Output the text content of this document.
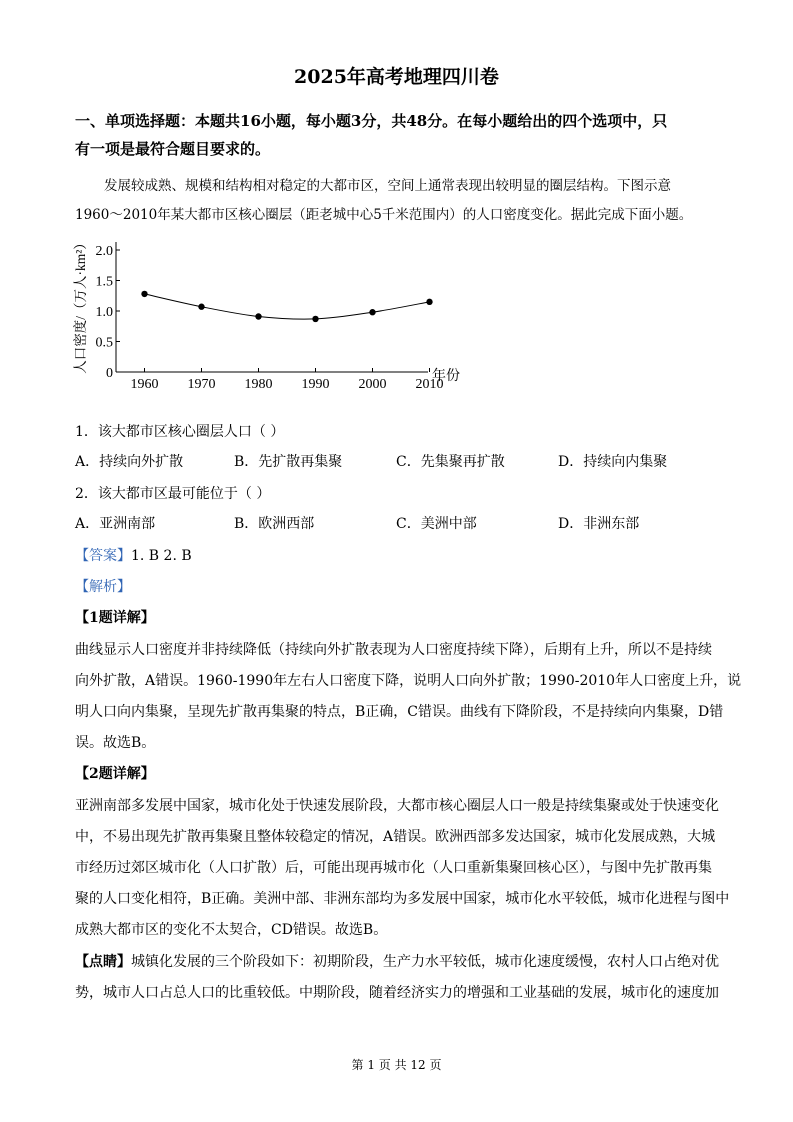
2025年高考地理四川卷
一、单项选择题：本题共16小题，每小题3分，共48分。在每小题给出的四个选项中，只
有一项是最符合题目要求的。
发展较成熟、规模和结构相对稳定的大都市区，空间上通常表现出较明显的圈层结构。下图示意
1960～2010年某大都市区核心圈层（距老城中心5千米范围内）的人口密度变化。据此完成下面小题。
0
0.5
1.0
1.5
2.0
1960 1970 1980 1990 2000 2010
年份
人口密度/（万人·km²）
1．该大都市区核心圈层人口（ ）
A．持续向外扩散	B．先扩散再集聚	C．先集聚再扩散	D．持续向内集聚
2．该大都市区最可能位于（ ）
A．亚洲南部	B．欧洲西部	C．美洲中部	D．非洲东部
【答案】1. B 2. B
【解析】
【1题详解】
曲线显示人口密度并非持续降低（持续向外扩散表现为人口密度持续下降），后期有上升，所以不是持续
向外扩散，A错误。1960-1990年左右人口密度下降，说明人口向外扩散；1990-2010年人口密度上升，说
明人口向内集聚，呈现先扩散再集聚的特点，B正确，C错误。曲线有下降阶段，不是持续向内集聚，D错
误。故选B。
【2题详解】
亚洲南部多发展中国家，城市化处于快速发展阶段，大都市核心圈层人口一般是持续集聚或处于快速变化
中，不易出现先扩散再集聚且整体较稳定的情况，A错误。欧洲西部多发达国家，城市化发展成熟，大城
市经历过郊区城市化（人口扩散）后，可能出现再城市化（人口重新集聚回核心区），与图中先扩散再集
聚的人口变化相符，B正确。美洲中部、非洲东部均为多发展中国家，城市化水平较低，城市化进程与图中
成熟大都市区的变化不太契合，CD错误。故选B。
【点睛】城镇化发展的三个阶段如下：初期阶段，生产力水平较低，城市化速度缓慢，农村人口占绝对优
势，城市人口占总人口的比重较低。中期阶段，随着经济实力的增强和工业基础的发展，城市化的速度加
第 1 页 共 12 页
